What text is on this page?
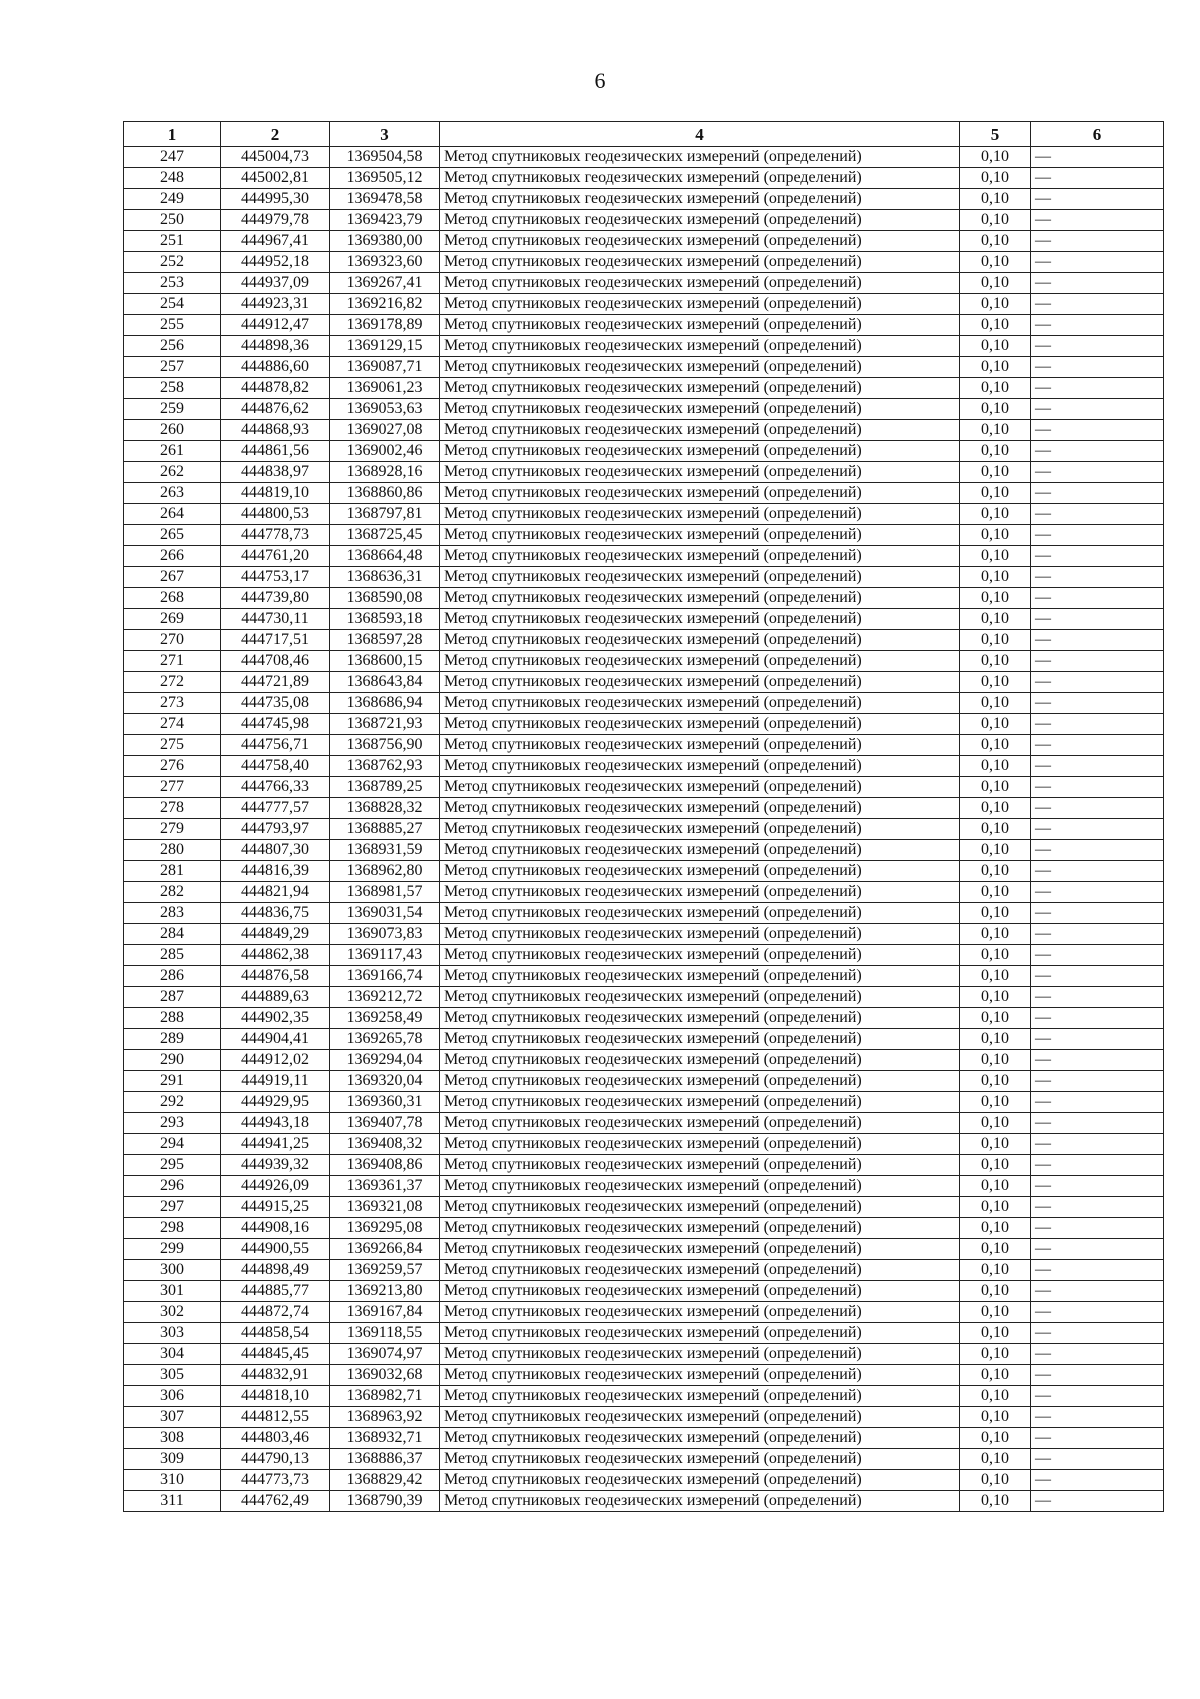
6
1	2	3	4	5	6
247	445004,73	1369504,58	Метод спутниковых геодезических измерений (определений)	0,10	—
248	445002,81	1369505,12	Метод спутниковых геодезических измерений (определений)	0,10	—
249	444995,30	1369478,58	Метод спутниковых геодезических измерений (определений)	0,10	—
250	444979,78	1369423,79	Метод спутниковых геодезических измерений (определений)	0,10	—
251	444967,41	1369380,00	Метод спутниковых геодезических измерений (определений)	0,10	—
252	444952,18	1369323,60	Метод спутниковых геодезических измерений (определений)	0,10	—
253	444937,09	1369267,41	Метод спутниковых геодезических измерений (определений)	0,10	—
254	444923,31	1369216,82	Метод спутниковых геодезических измерений (определений)	0,10	—
255	444912,47	1369178,89	Метод спутниковых геодезических измерений (определений)	0,10	—
256	444898,36	1369129,15	Метод спутниковых геодезических измерений (определений)	0,10	—
257	444886,60	1369087,71	Метод спутниковых геодезических измерений (определений)	0,10	—
258	444878,82	1369061,23	Метод спутниковых геодезических измерений (определений)	0,10	—
259	444876,62	1369053,63	Метод спутниковых геодезических измерений (определений)	0,10	—
260	444868,93	1369027,08	Метод спутниковых геодезических измерений (определений)	0,10	—
261	444861,56	1369002,46	Метод спутниковых геодезических измерений (определений)	0,10	—
262	444838,97	1368928,16	Метод спутниковых геодезических измерений (определений)	0,10	—
263	444819,10	1368860,86	Метод спутниковых геодезических измерений (определений)	0,10	—
264	444800,53	1368797,81	Метод спутниковых геодезических измерений (определений)	0,10	—
265	444778,73	1368725,45	Метод спутниковых геодезических измерений (определений)	0,10	—
266	444761,20	1368664,48	Метод спутниковых геодезических измерений (определений)	0,10	—
267	444753,17	1368636,31	Метод спутниковых геодезических измерений (определений)	0,10	—
268	444739,80	1368590,08	Метод спутниковых геодезических измерений (определений)	0,10	—
269	444730,11	1368593,18	Метод спутниковых геодезических измерений (определений)	0,10	—
270	444717,51	1368597,28	Метод спутниковых геодезических измерений (определений)	0,10	—
271	444708,46	1368600,15	Метод спутниковых геодезических измерений (определений)	0,10	—
272	444721,89	1368643,84	Метод спутниковых геодезических измерений (определений)	0,10	—
273	444735,08	1368686,94	Метод спутниковых геодезических измерений (определений)	0,10	—
274	444745,98	1368721,93	Метод спутниковых геодезических измерений (определений)	0,10	—
275	444756,71	1368756,90	Метод спутниковых геодезических измерений (определений)	0,10	—
276	444758,40	1368762,93	Метод спутниковых геодезических измерений (определений)	0,10	—
277	444766,33	1368789,25	Метод спутниковых геодезических измерений (определений)	0,10	—
278	444777,57	1368828,32	Метод спутниковых геодезических измерений (определений)	0,10	—
279	444793,97	1368885,27	Метод спутниковых геодезических измерений (определений)	0,10	—
280	444807,30	1368931,59	Метод спутниковых геодезических измерений (определений)	0,10	—
281	444816,39	1368962,80	Метод спутниковых геодезических измерений (определений)	0,10	—
282	444821,94	1368981,57	Метод спутниковых геодезических измерений (определений)	0,10	—
283	444836,75	1369031,54	Метод спутниковых геодезических измерений (определений)	0,10	—
284	444849,29	1369073,83	Метод спутниковых геодезических измерений (определений)	0,10	—
285	444862,38	1369117,43	Метод спутниковых геодезических измерений (определений)	0,10	—
286	444876,58	1369166,74	Метод спутниковых геодезических измерений (определений)	0,10	—
287	444889,63	1369212,72	Метод спутниковых геодезических измерений (определений)	0,10	—
288	444902,35	1369258,49	Метод спутниковых геодезических измерений (определений)	0,10	—
289	444904,41	1369265,78	Метод спутниковых геодезических измерений (определений)	0,10	—
290	444912,02	1369294,04	Метод спутниковых геодезических измерений (определений)	0,10	—
291	444919,11	1369320,04	Метод спутниковых геодезических измерений (определений)	0,10	—
292	444929,95	1369360,31	Метод спутниковых геодезических измерений (определений)	0,10	—
293	444943,18	1369407,78	Метод спутниковых геодезических измерений (определений)	0,10	—
294	444941,25	1369408,32	Метод спутниковых геодезических измерений (определений)	0,10	—
295	444939,32	1369408,86	Метод спутниковых геодезических измерений (определений)	0,10	—
296	444926,09	1369361,37	Метод спутниковых геодезических измерений (определений)	0,10	—
297	444915,25	1369321,08	Метод спутниковых геодезических измерений (определений)	0,10	—
298	444908,16	1369295,08	Метод спутниковых геодезических измерений (определений)	0,10	—
299	444900,55	1369266,84	Метод спутниковых геодезических измерений (определений)	0,10	—
300	444898,49	1369259,57	Метод спутниковых геодезических измерений (определений)	0,10	—
301	444885,77	1369213,80	Метод спутниковых геодезических измерений (определений)	0,10	—
302	444872,74	1369167,84	Метод спутниковых геодезических измерений (определений)	0,10	—
303	444858,54	1369118,55	Метод спутниковых геодезических измерений (определений)	0,10	—
304	444845,45	1369074,97	Метод спутниковых геодезических измерений (определений)	0,10	—
305	444832,91	1369032,68	Метод спутниковых геодезических измерений (определений)	0,10	—
306	444818,10	1368982,71	Метод спутниковых геодезических измерений (определений)	0,10	—
307	444812,55	1368963,92	Метод спутниковых геодезических измерений (определений)	0,10	—
308	444803,46	1368932,71	Метод спутниковых геодезических измерений (определений)	0,10	—
309	444790,13	1368886,37	Метод спутниковых геодезических измерений (определений)	0,10	—
310	444773,73	1368829,42	Метод спутниковых геодезических измерений (определений)	0,10	—
311	444762,49	1368790,39	Метод спутниковых геодезических измерений (определений)	0,10	—
